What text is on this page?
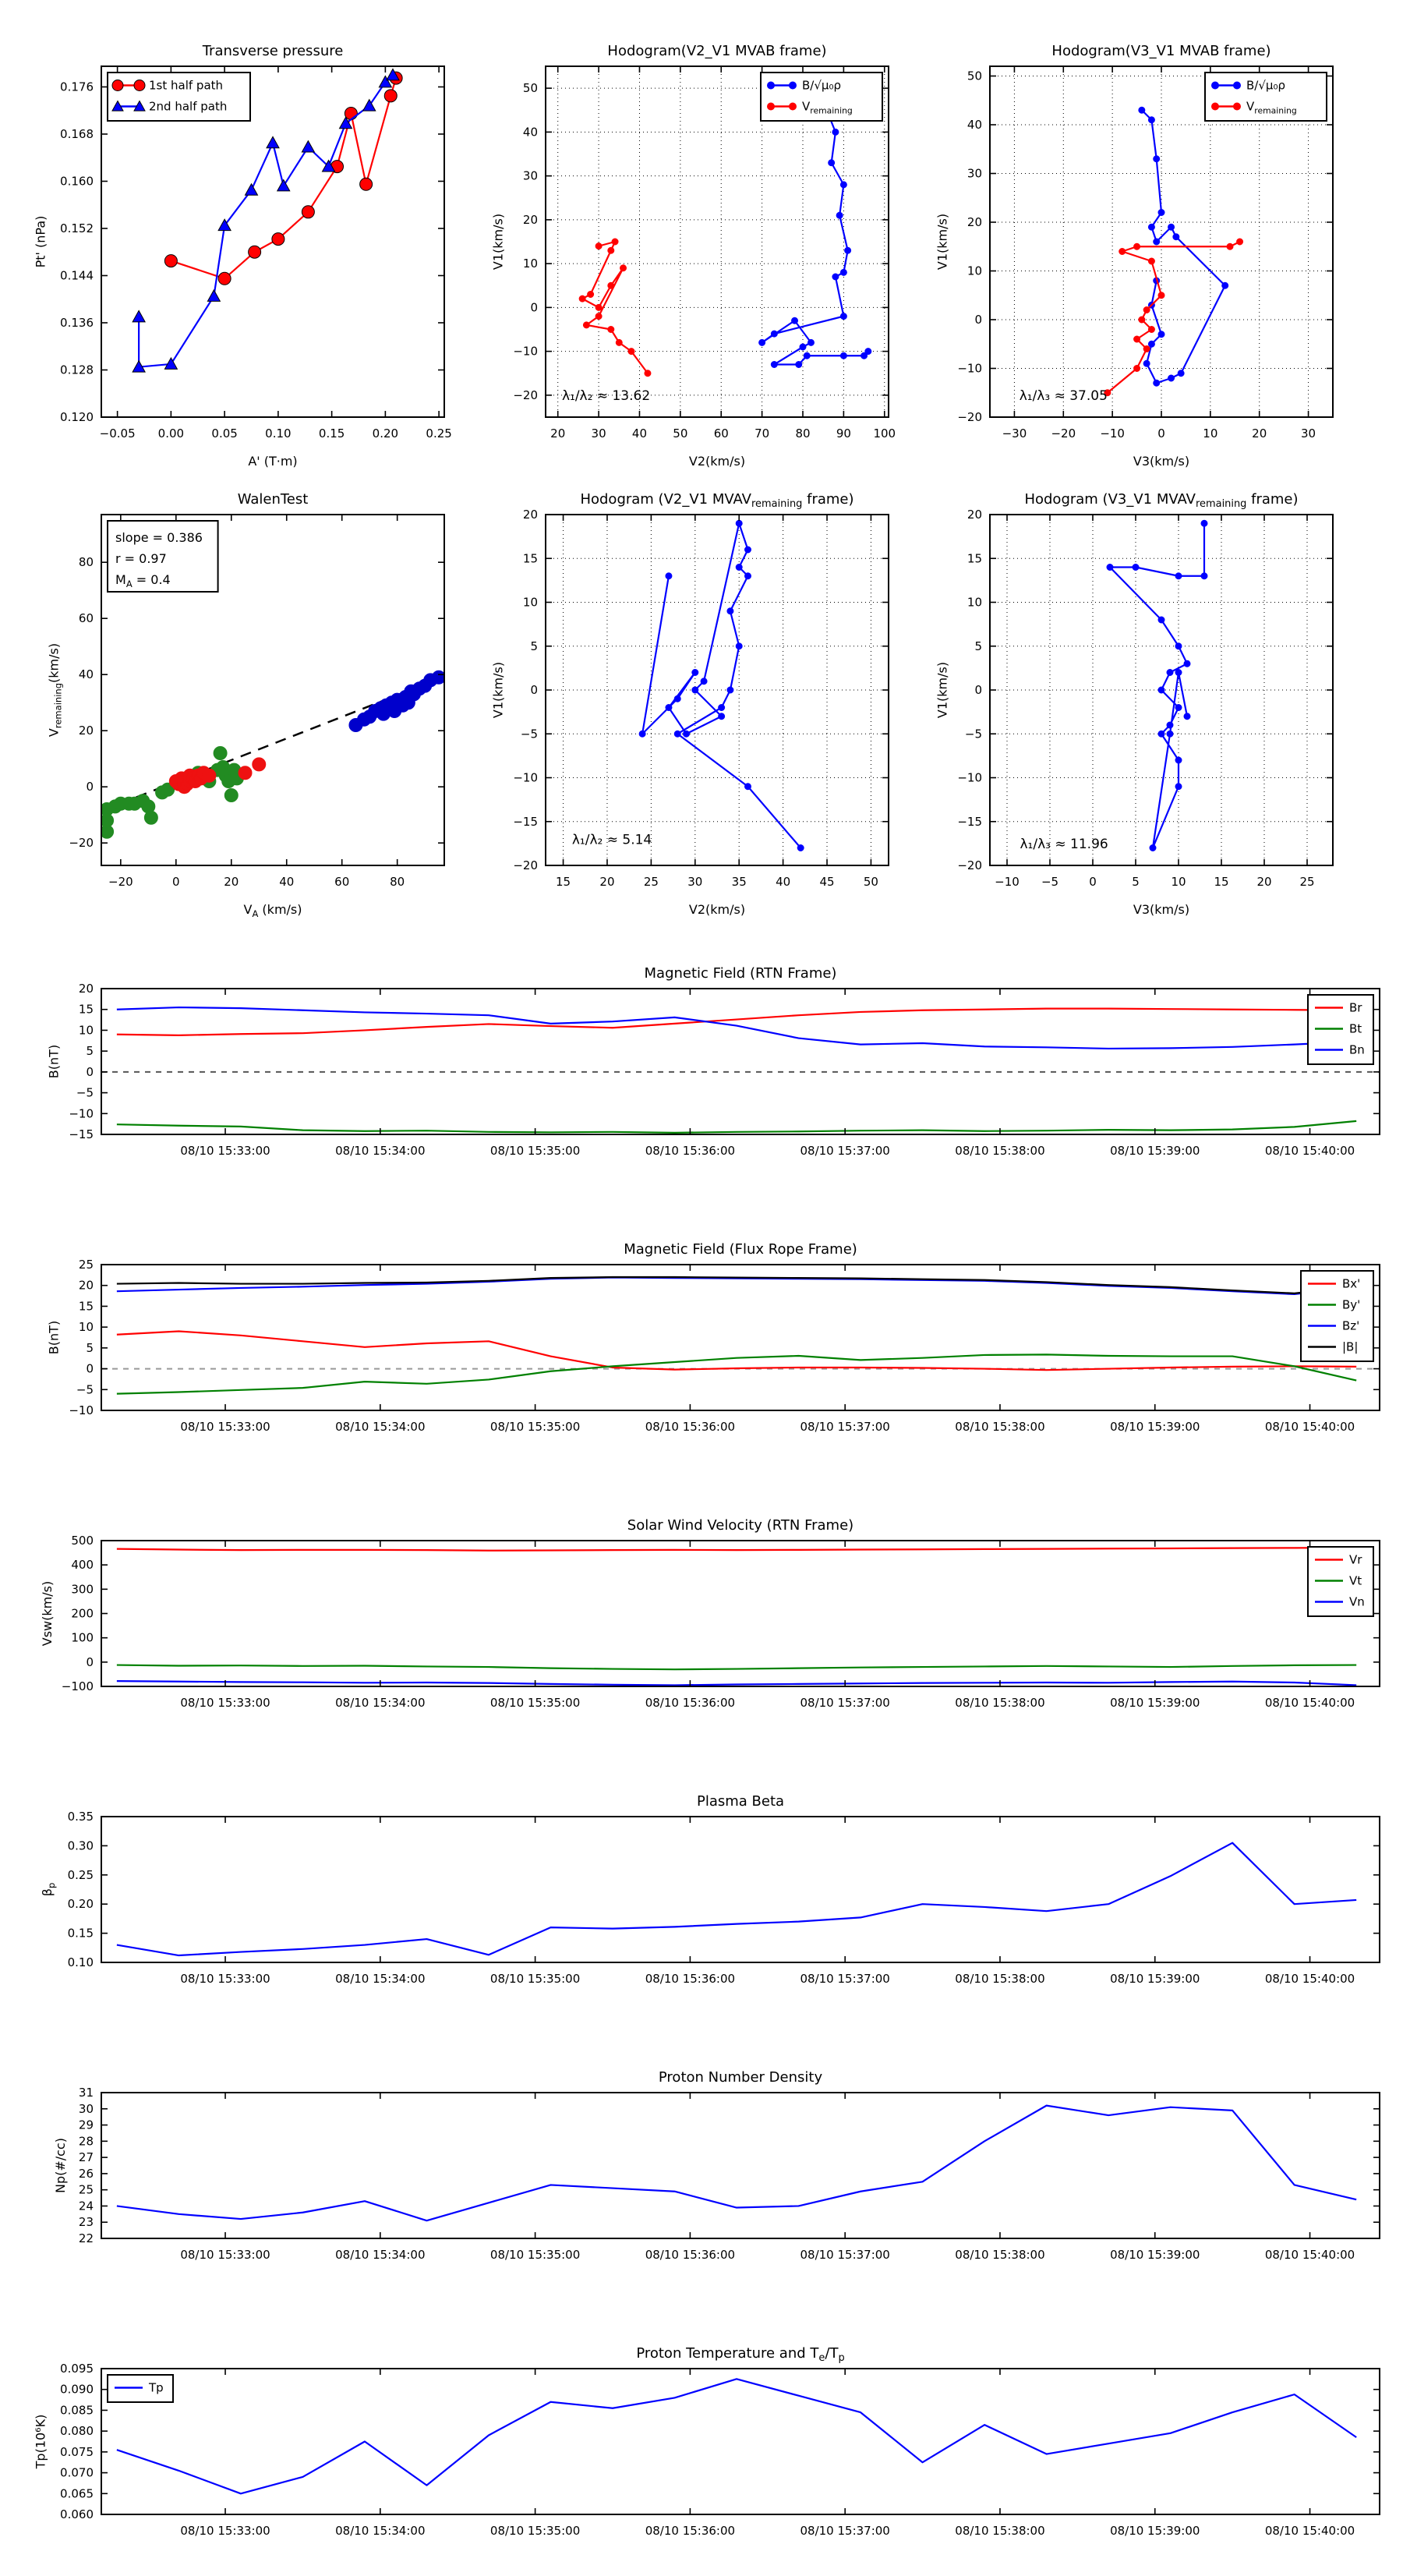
−0.05 0.00 0.05 0.10 0.15 0.20 0.25
0.120
0.128
0.136
0.144
0.152
0.160
0.168
0.176
Transverse pressure
A' (T·m)
Pt' (nPa)
1st half path
2nd half path
20 30 40 50 60 70 80 90 100
−20
−10
0
10
20
30
40
50
Hodogram(V2_V1 MVAB frame)
V2(km/s)
V1(km/s)
λ₁/λ₂ ≈ 13.62
B/√μ₀ρ
$V_{remaining}$
−30 −20 −10	0	10	20	30
−20
−10
0
10
20
30
40
50
Hodogram(V3_V1 MVAB frame)
V3(km/s)
V1(km/s)
λ₁/λ₃ ≈ 37.05
B/√μ₀ρ
$V_{remaining}$
−20	0	20	40	60	80
−20
0
20
40
60
80
WalenTest
$V_A$ (km/s)
$V_{remaining}(km/s)$
slope = 0.386
r = 0.97
$M_A = 0.4$
15 20 25 30 35 40 45 50
−20
−15
−10
−5
0
5
10
15
20
Hodogram (V2_V1 $MVAV_{remaining}$ frame)
V2(km/s)
V1(km/s)
λ₁/λ₂ ≈ 5.14
−10 −5	0	5	10 15 20 25
−20
−15
−10
−5
0
5
10
15
20
Hodogram (V3_V1 $MVAV_{remaining}$ frame)
V3(km/s)
V1(km/s)
λ₁/λ₃ ≈ 11.96
08/10 15:33:00	08/10 15:34:00	08/10 15:35:00	08/10 15:36:00	08/10 15:37:00	08/10 15:38:00	08/10 15:39:00	08/10 15:40:00
−15
−10
−5
0
5
10
15
20
Magnetic Field (RTN Frame)
B(nT)
Br
Bt
Bn
08/10 15:33:00	08/10 15:34:00	08/10 15:35:00	08/10 15:36:00	08/10 15:37:00	08/10 15:38:00	08/10 15:39:00	08/10 15:40:00
−10
−5
0
5
10
15
20
25
Magnetic Field (Flux Rope Frame)
B(nT)
Bx'
By'
Bz'
|B|
08/10 15:33:00	08/10 15:34:00	08/10 15:35:00	08/10 15:36:00	08/10 15:37:00	08/10 15:38:00	08/10 15:39:00	08/10 15:40:00
−100
0
100
200
300
400
500
Solar Wind Velocity (RTN Frame)
Vsw(km/s)
Vr
Vt
Vn
08/10 15:33:00	08/10 15:34:00	08/10 15:35:00	08/10 15:36:00	08/10 15:37:00	08/10 15:38:00	08/10 15:39:00	08/10 15:40:00
0.10
0.15
0.20
0.25
0.30
0.35
Plasma Beta
$\beta_p$
08/10 15:33:00	08/10 15:34:00	08/10 15:35:00	08/10 15:36:00	08/10 15:37:00	08/10 15:38:00	08/10 15:39:00	08/10 15:40:00
22
23
24
25
26
27
28
29
30
31
Proton Number Density
Np(#/cc)
08/10 15:33:00	08/10 15:34:00	08/10 15:35:00	08/10 15:36:00	08/10 15:37:00	08/10 15:38:00	08/10 15:39:00	08/10 15:40:00
0.060
0.065
0.070
0.075
0.080
0.085
0.090
0.095
Proton Temperature and $T_e/T_p$
Tp(10⁶K)
Tp
